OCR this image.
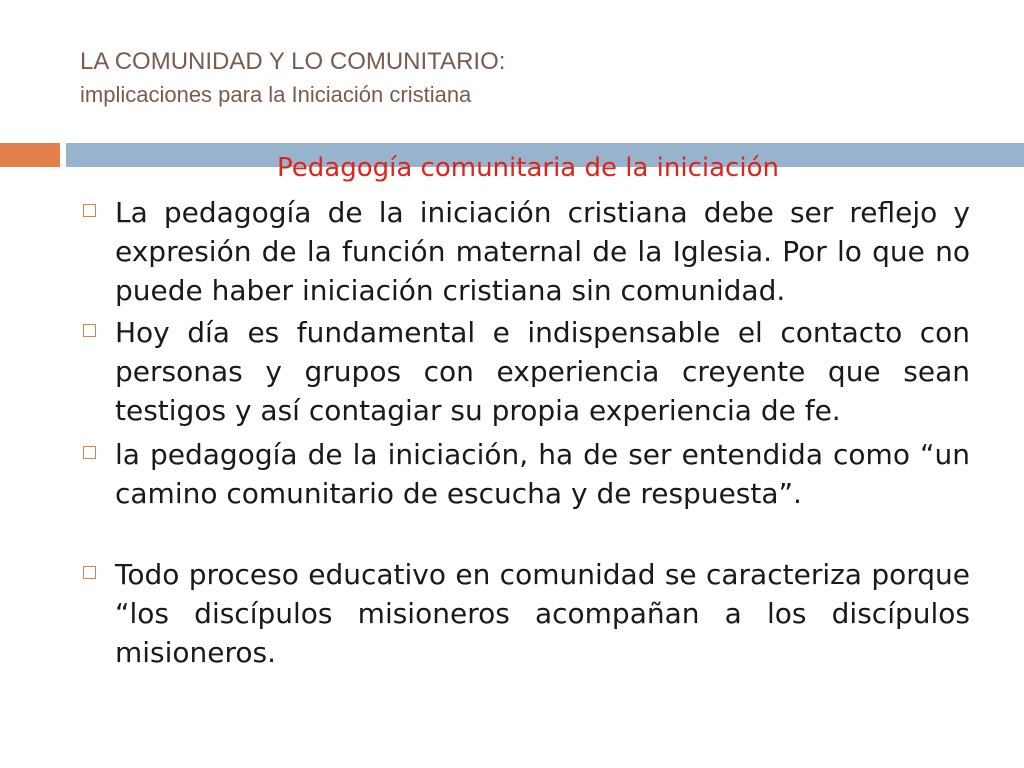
LA COMUNIDAD Y LO COMUNITARIO:
implicaciones para la Iniciación cristiana
Pedagogía comunitaria de la iniciación
La pedagogía de la iniciación cristiana debe ser reflejo y expresión de la función maternal de la Iglesia. Por lo que no puede haber iniciación cristiana sin comunidad.
Hoy día es fundamental e indispensable el contacto con personas y grupos con experiencia creyente que sean testigos y así contagiar su propia experiencia de fe.
la pedagogía de la iniciación, ha de ser entendida como “un camino comunitario de escucha y de respuesta”.
Todo proceso educativo en comunidad se caracteriza porque “los discípulos misioneros acompañan a los discípulos misioneros.
